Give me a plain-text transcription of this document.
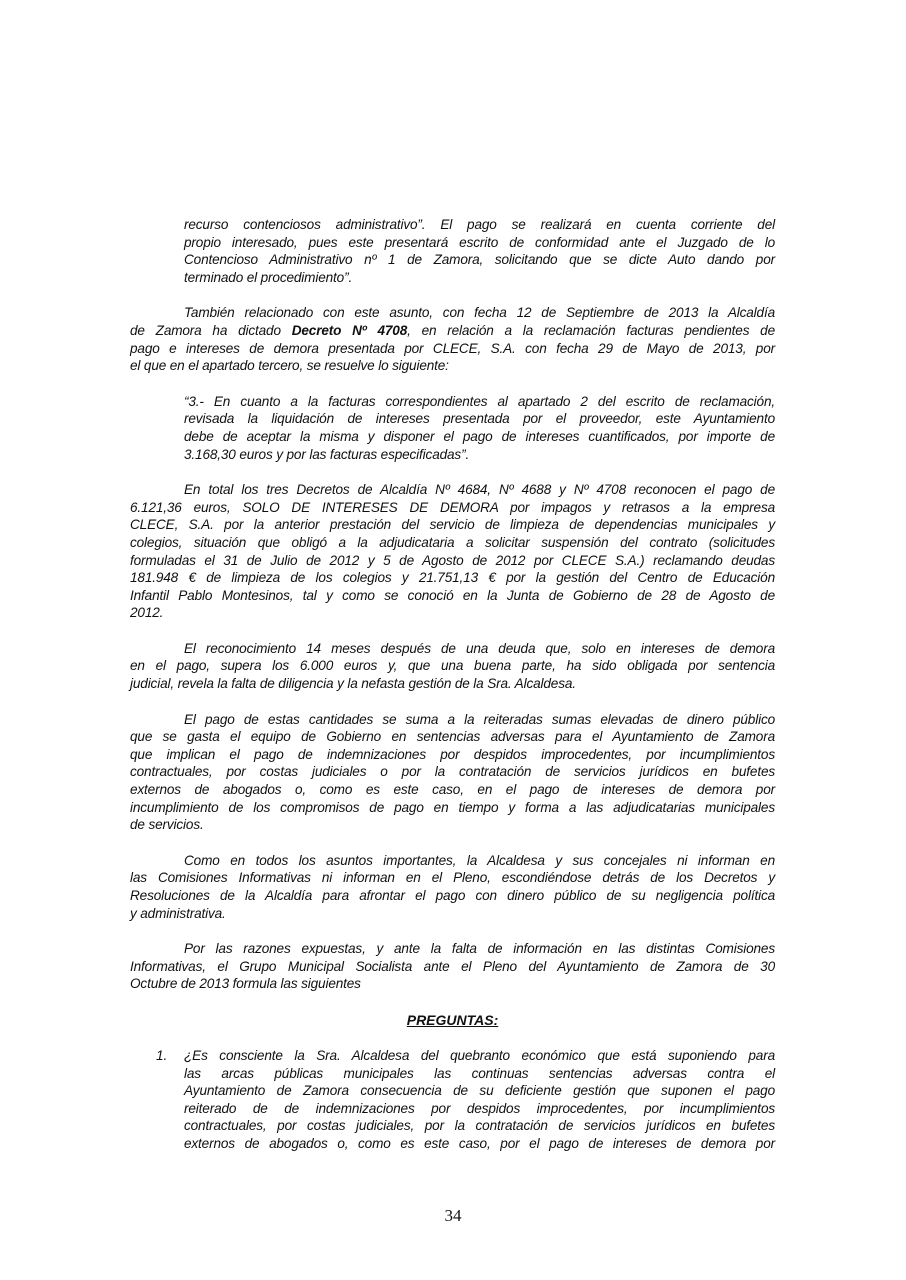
recurso contenciosos administrativo”. El pago se realizará en cuenta corriente del
propio interesado, pues este presentará escrito de conformidad ante el Juzgado de lo
Contencioso Administrativo nº 1 de Zamora, solicitando que se dicte Auto dando por
terminado el procedimiento”.
También relacionado con este asunto, con fecha 12 de Septiembre de 2013 la Alcaldía
de Zamora ha dictado Decreto Nº 4708, en relación a la reclamación facturas pendientes de
pago e intereses de demora presentada por CLECE, S.A. con fecha 29 de Mayo de 2013, por
el que en el apartado tercero, se resuelve lo siguiente:
“3.- En cuanto a la facturas correspondientes al apartado 2 del escrito de reclamación,
revisada la liquidación de intereses presentada por el proveedor, este Ayuntamiento
debe de aceptar la misma y disponer el pago de intereses cuantificados, por importe de
3.168,30 euros y por las facturas especificadas”.
En total los tres Decretos de Alcaldía Nº 4684, Nº 4688 y Nº 4708 reconocen el pago de
6.121,36 euros, SOLO DE INTERESES DE DEMORA por impagos y retrasos a la empresa
CLECE, S.A. por la anterior prestación del servicio de limpieza de dependencias municipales y
colegios, situación que obligó a la adjudicataria a solicitar suspensión del contrato (solicitudes
formuladas el 31 de Julio de 2012 y 5 de Agosto de 2012 por CLECE S.A.) reclamando deudas
181.948 € de limpieza de los colegios y 21.751,13 € por la gestión del Centro de Educación
Infantil Pablo Montesinos, tal y como se conoció en la Junta de Gobierno de 28 de Agosto de
2012.
El reconocimiento 14 meses después de una deuda que, solo en intereses de demora
en el pago, supera los 6.000 euros y, que una buena parte, ha sido obligada por sentencia
judicial, revela la falta de diligencia y la nefasta gestión de la Sra. Alcaldesa.
El pago de estas cantidades se suma a la reiteradas sumas elevadas de dinero público
que se gasta el equipo de Gobierno en sentencias adversas para el Ayuntamiento de Zamora
que implican el pago de indemnizaciones por despidos improcedentes, por incumplimientos
contractuales, por costas judiciales o por la contratación de servicios jurídicos en bufetes
externos de abogados o, como es este caso, en el pago de intereses de demora por
incumplimiento de los compromisos de pago en tiempo y forma a las adjudicatarias municipales
de servicios.
Como en todos los asuntos importantes, la Alcaldesa y sus concejales ni informan en
las Comisiones Informativas ni informan en el Pleno, escondiéndose detrás de los Decretos y
Resoluciones de la Alcaldía para afrontar el pago con dinero público de su negligencia política
y administrativa.
Por las razones expuestas, y ante la falta de información en las distintas Comisiones
Informativas, el Grupo Municipal Socialista ante el Pleno del Ayuntamiento de Zamora de 30
Octubre de 2013 formula las siguientes
PREGUNTAS:
1.	¿Es consciente la Sra. Alcaldesa del quebranto económico que está suponiendo para
las arcas públicas municipales las continuas sentencias adversas contra el
Ayuntamiento de Zamora consecuencia de su deficiente gestión que suponen el pago
reiterado de de indemnizaciones por despidos improcedentes, por incumplimientos
contractuales, por costas judiciales, por la contratación de servicios jurídicos en bufetes
externos de abogados o, como es este caso, por el pago de intereses de demora por
34
